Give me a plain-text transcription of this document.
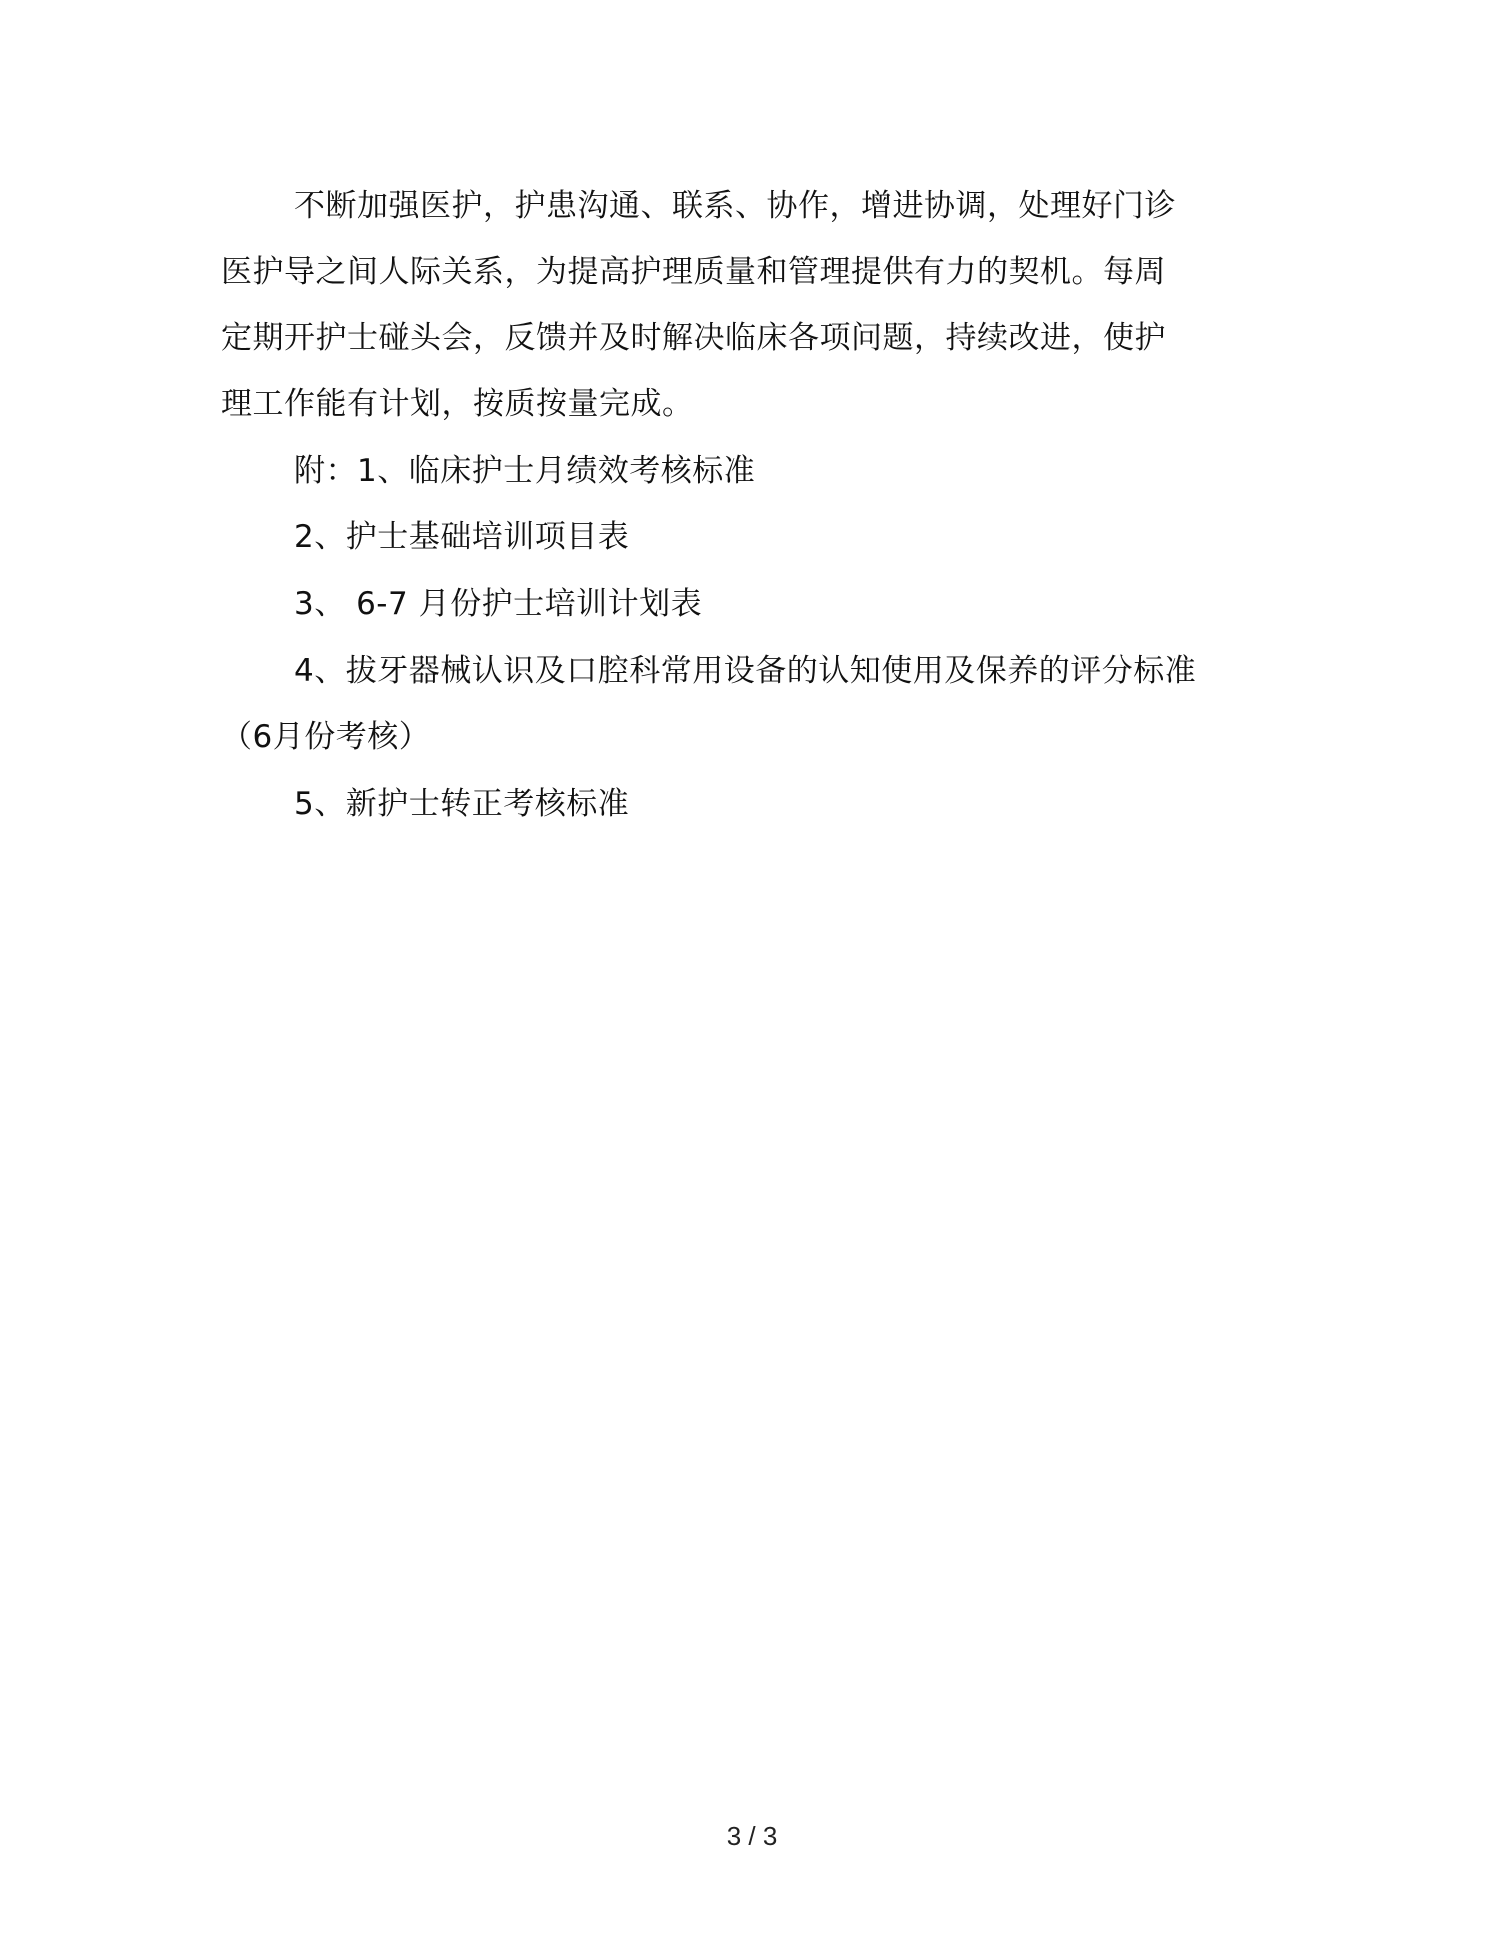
不断加强医护，护患沟通、联系、协作，增进协调，处理好门诊
医护导之间人际关系，为提高护理质量和管理提供有力的契机。每周
定期开护士碰头会，反馈并及时解决临床各项问题，持续改进，使护
理工作能有计划，按质按量完成。
附：1、临床护士月绩效考核标准
2、护士基础培训项目表
3、 6-7 月份护士培训计划表
4、拔牙器械认识及口腔科常用设备的认知使用及保养的评分标准
（6月份考核）
5、新护士转正考核标准
3 / 3
